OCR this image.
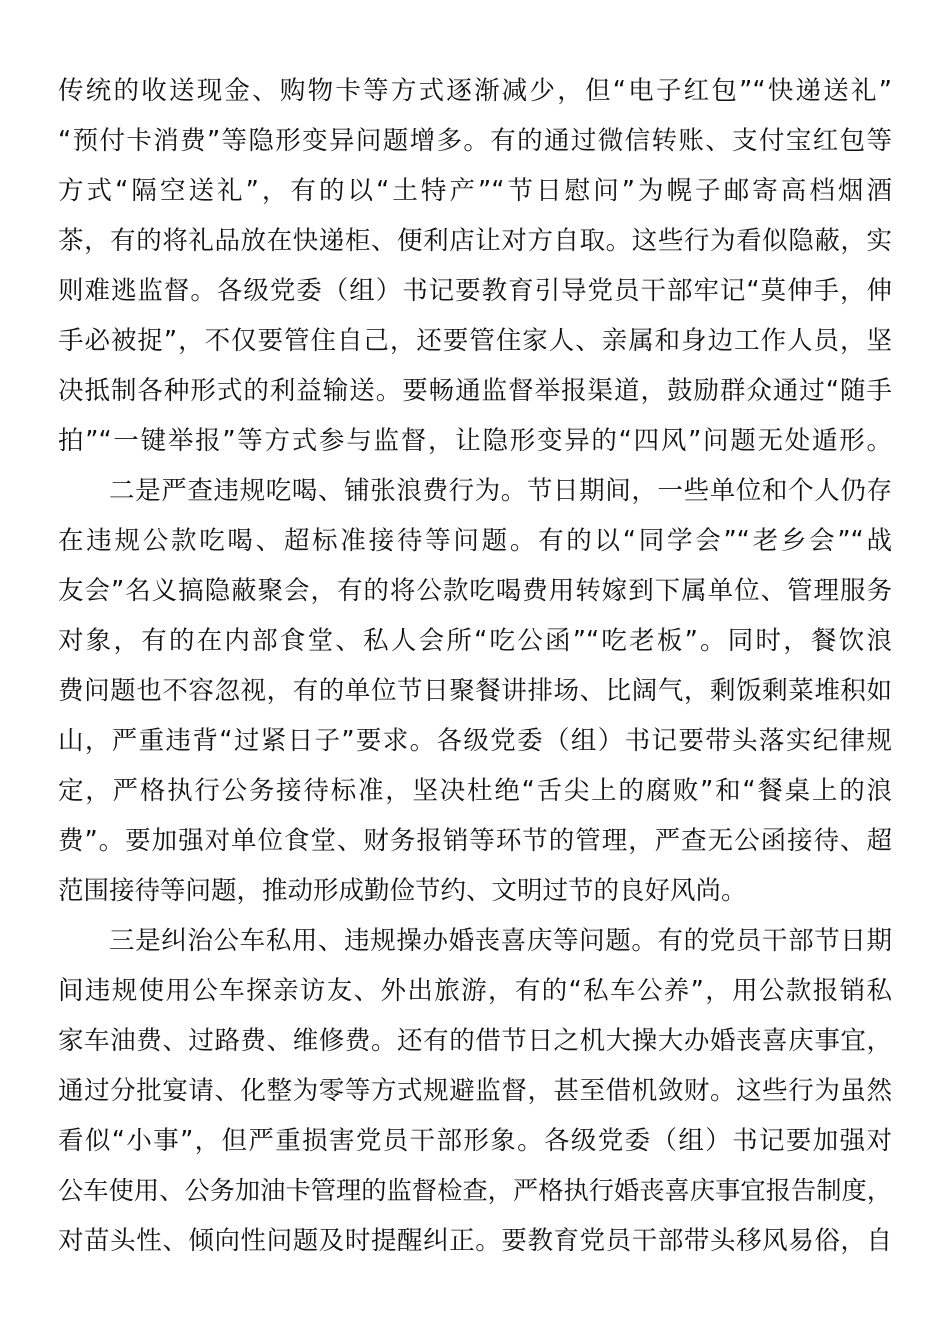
传统的收送现金、购物卡等方式逐渐减少，但“电子红包”“快递送礼”
“预付卡消费”等隐形变异问题增多。有的通过微信转账、支付宝红包等
方式“隔空送礼”，有的以“土特产”“节日慰问”为幌子邮寄高档烟酒
茶，有的将礼品放在快递柜、便利店让对方自取。这些行为看似隐蔽，实
则难逃监督。各级党委（组）书记要教育引导党员干部牢记“莫伸手，伸
手必被捉”，不仅要管住自己，还要管住家人、亲属和身边工作人员，坚
决抵制各种形式的利益输送。要畅通监督举报渠道，鼓励群众通过“随手
拍”“一键举报”等方式参与监督，让隐形变异的“四风”问题无处遁形。
二是严查违规吃喝、铺张浪费行为。节日期间，一些单位和个人仍存
在违规公款吃喝、超标准接待等问题。有的以“同学会”“老乡会”“战
友会”名义搞隐蔽聚会，有的将公款吃喝费用转嫁到下属单位、管理服务
对象，有的在内部食堂、私人会所“吃公函”“吃老板”。同时，餐饮浪
费问题也不容忽视，有的单位节日聚餐讲排场、比阔气，剩饭剩菜堆积如
山，严重违背“过紧日子”要求。各级党委（组）书记要带头落实纪律规
定，严格执行公务接待标准，坚决杜绝“舌尖上的腐败”和“餐桌上的浪
费”。要加强对单位食堂、财务报销等环节的管理，严查无公函接待、超
范围接待等问题，推动形成勤俭节约、文明过节的良好风尚。
三是纠治公车私用、违规操办婚丧喜庆等问题。有的党员干部节日期
间违规使用公车探亲访友、外出旅游，有的“私车公养”，用公款报销私
家车油费、过路费、维修费。还有的借节日之机大操大办婚丧喜庆事宜，
通过分批宴请、化整为零等方式规避监督，甚至借机敛财。这些行为虽然
看似“小事”，但严重损害党员干部形象。各级党委（组）书记要加强对
公车使用、公务加油卡管理的监督检查，严格执行婚丧喜庆事宜报告制度，
对苗头性、倾向性问题及时提醒纠正。要教育党员干部带头移风易俗，自
